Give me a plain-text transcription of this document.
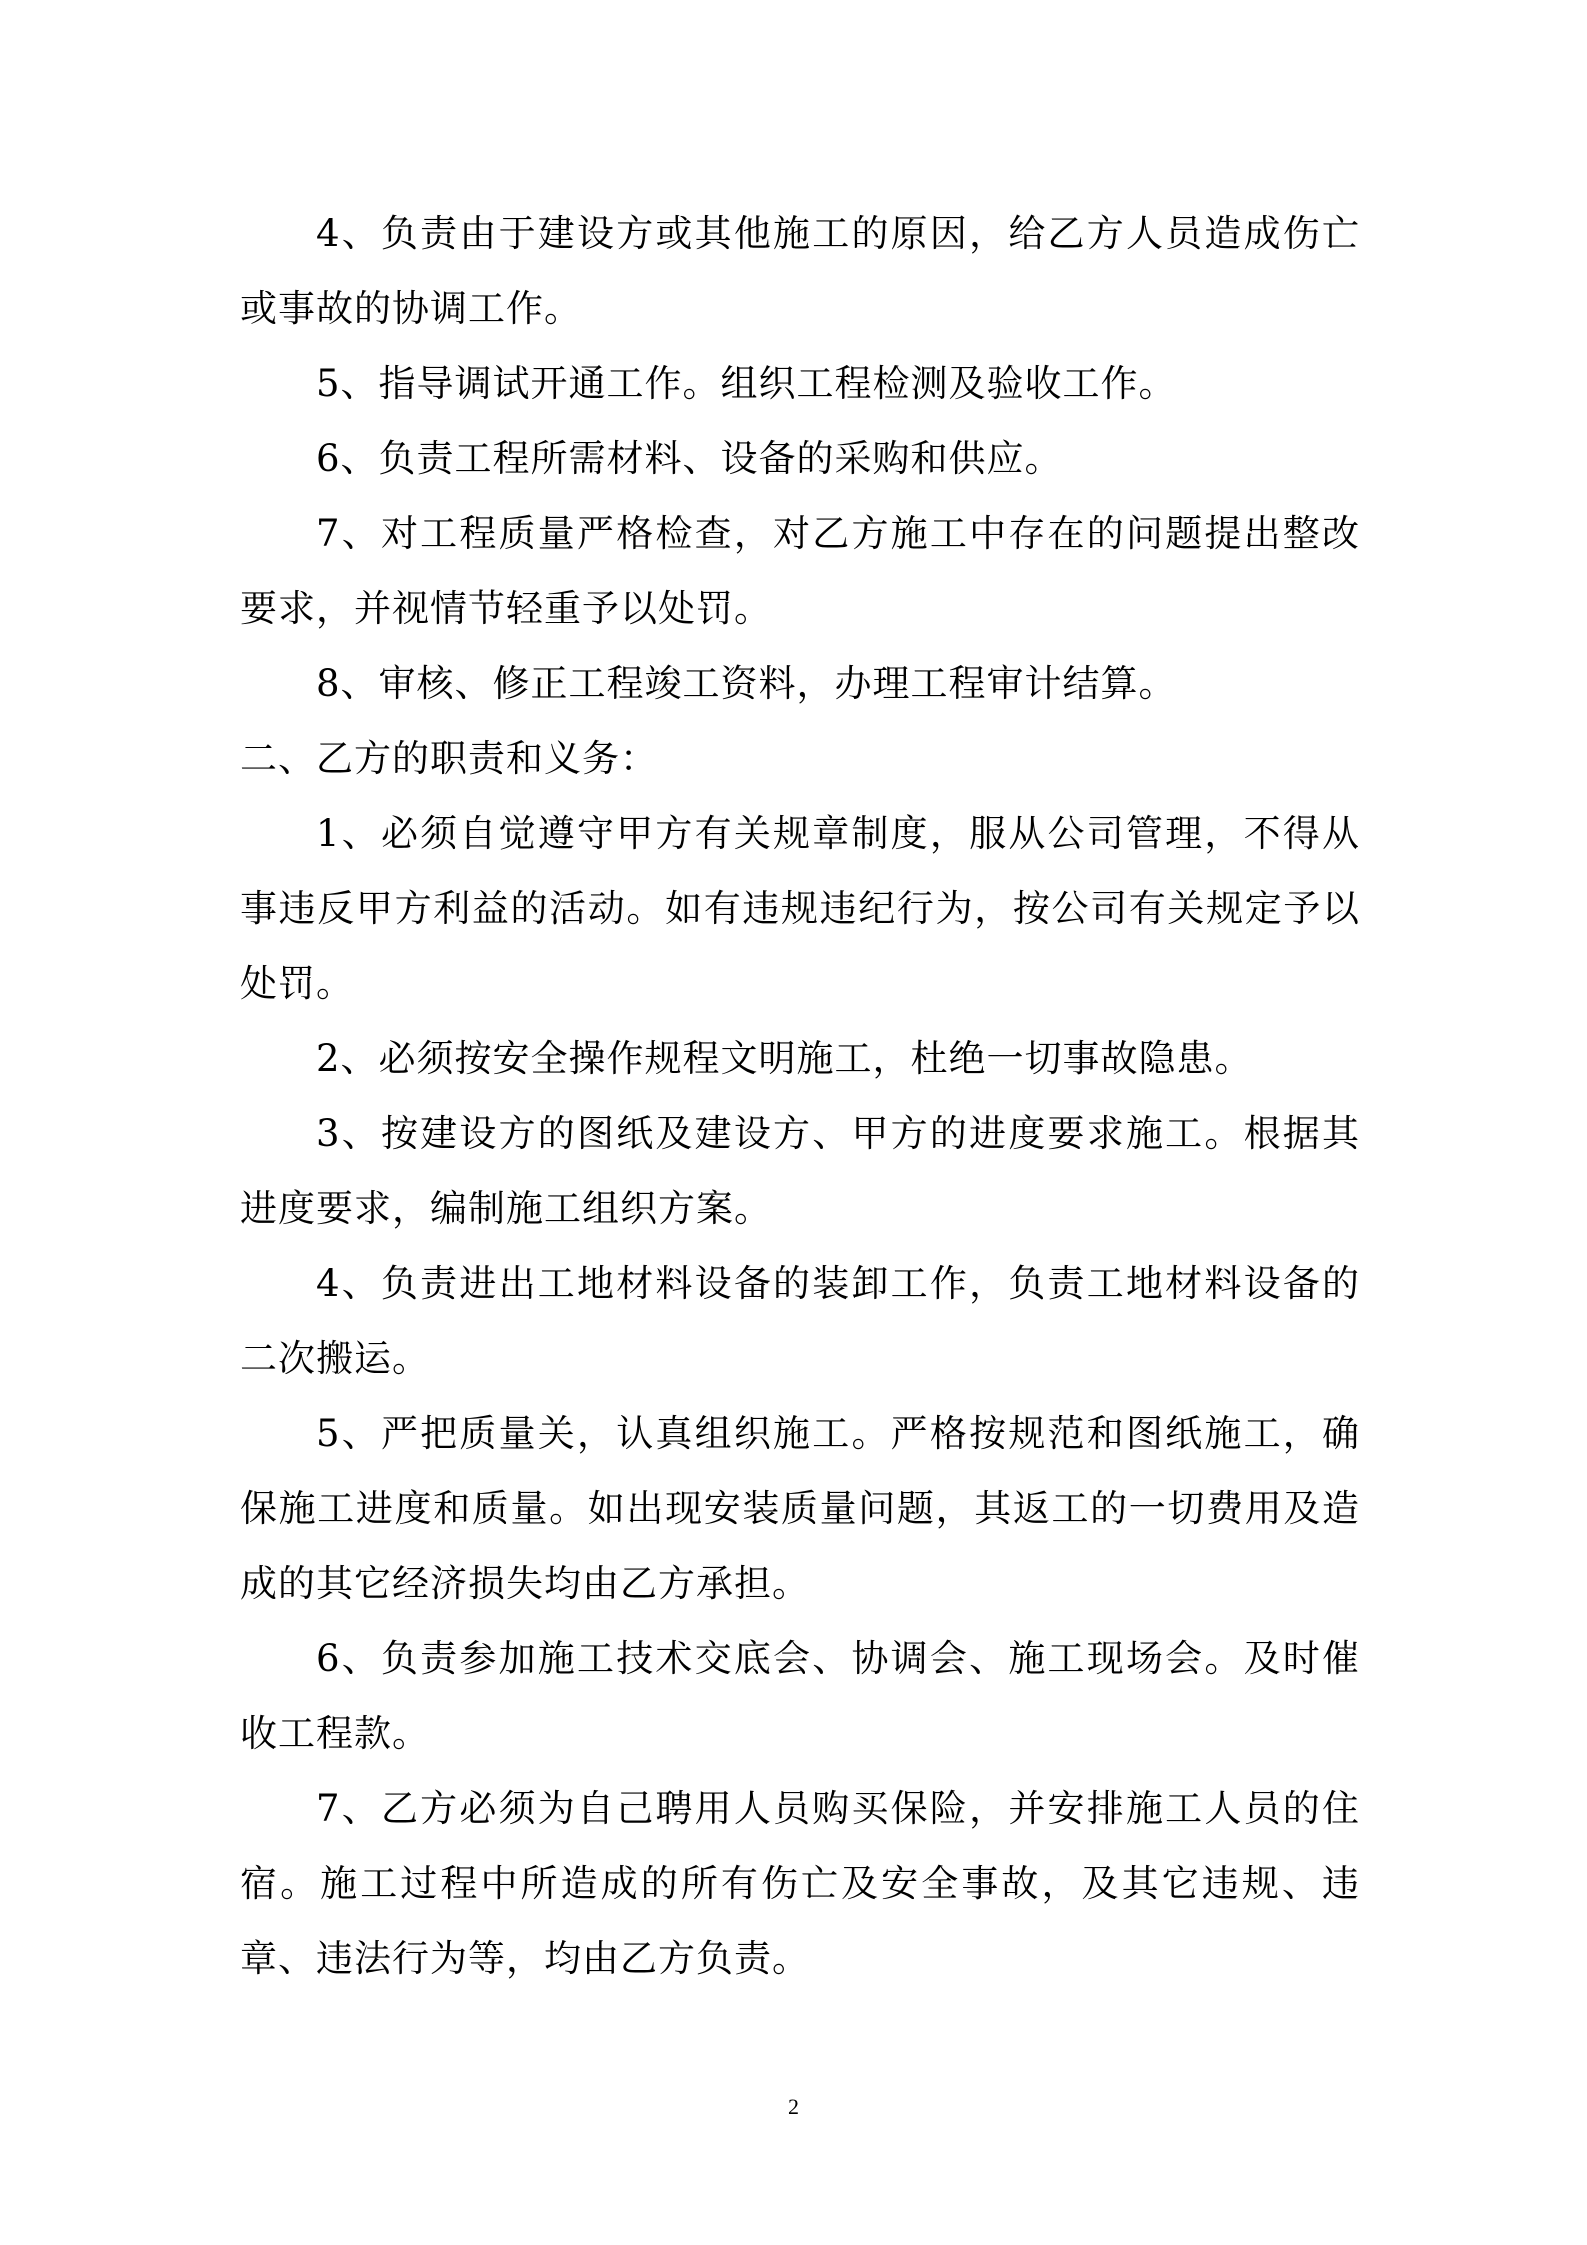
4、负责由于建设方或其他施工的原因，给乙方人员造成伤亡或事故的协调工作。

5、指导调试开通工作。组织工程检测及验收工作。

6、负责工程所需材料、设备的采购和供应。

7、对工程质量严格检查，对乙方施工中存在的问题提出整改要求，并视情节轻重予以处罚。

8、审核、修正工程竣工资料，办理工程审计结算。

二、乙方的职责和义务：

1、必须自觉遵守甲方有关规章制度，服从公司管理，不得从事违反甲方利益的活动。如有违规违纪行为，按公司有关规定予以处罚。

2、必须按安全操作规程文明施工，杜绝一切事故隐患。

3、按建设方的图纸及建设方、甲方的进度要求施工。根据其进度要求，编制施工组织方案。

4、负责进出工地材料设备的装卸工作，负责工地材料设备的二次搬运。

5、严把质量关，认真组织施工。严格按规范和图纸施工，确保施工进度和质量。如出现安装质量问题，其返工的一切费用及造成的其它经济损失均由乙方承担。

6、负责参加施工技术交底会、协调会、施工现场会。及时催收工程款。

7、乙方必须为自己聘用人员购买保险，并安排施工人员的住宿。施工过程中所造成的所有伤亡及安全事故，及其它违规、违章、违法行为等，均由乙方负责。

2
